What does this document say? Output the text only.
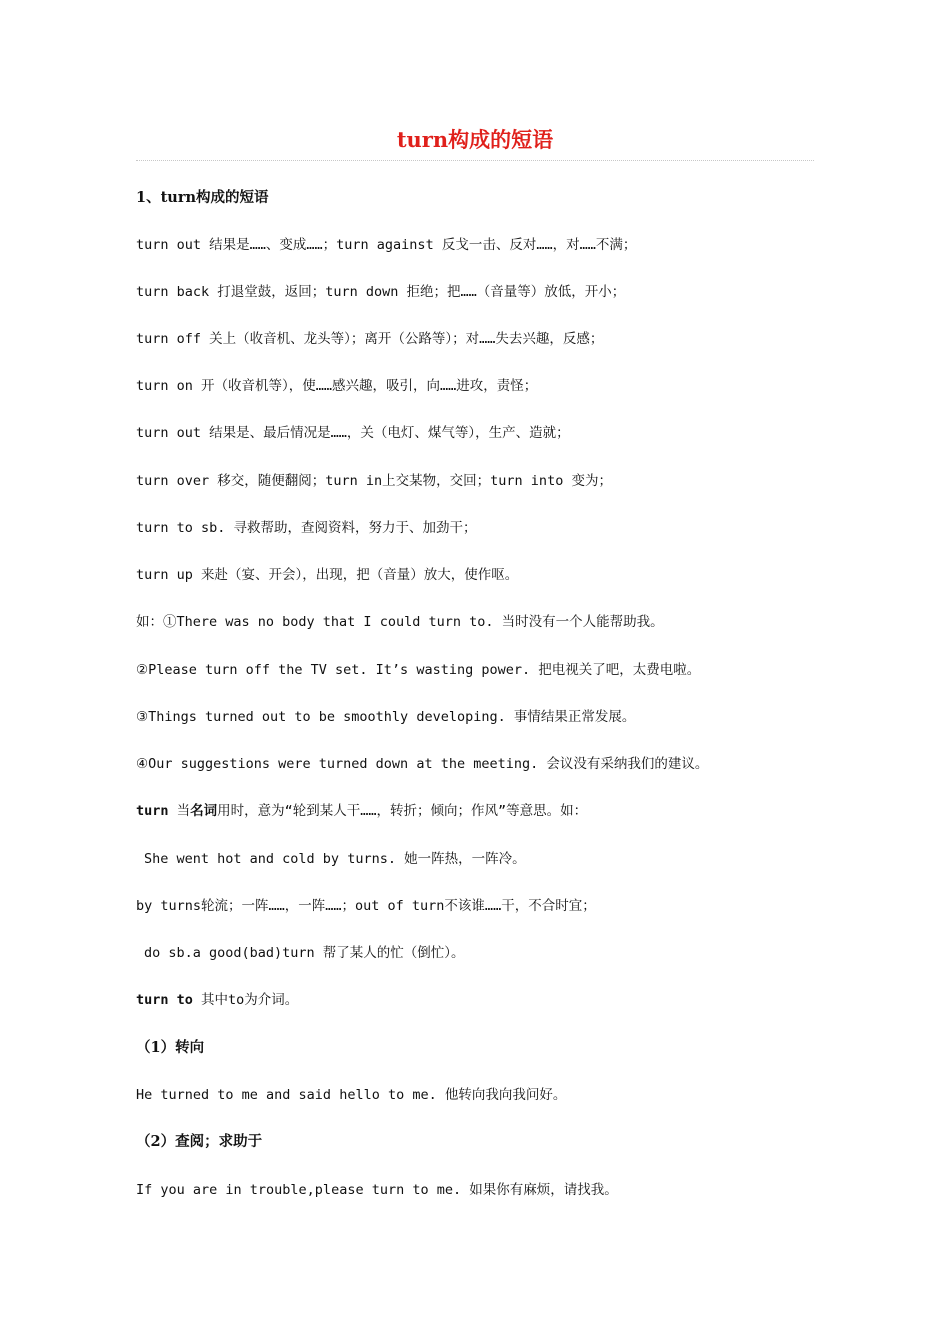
turn构成的短语
1、turn构成的短语
turn out 结果是……、变成……；turn against 反戈一击、反对……，对……不满；
turn back 打退堂鼓，返回；turn down 拒绝；把……（音量等）放低，开小；
turn off 关上（收音机、龙头等）；离开（公路等）；对……失去兴趣，反感；
turn on 开（收音机等），使……感兴趣，吸引，向……进攻，责怪；
turn out 结果是、最后情况是……，关（电灯、煤气等），生产、造就；
turn over 移交，随便翻阅；turn in上交某物，交回；turn into 变为；
turn to sb. 寻救帮助，查阅资料，努力于、加劲干；
turn up 来赴（宴、开会），出现，把（音量）放大，使作呕。
如：①There was no body that I could turn to. 当时没有一个人能帮助我。
②Please turn off the TV set. It’s wasting power. 把电视关了吧，太费电啦。
③Things turned out to be smoothly developing. 事情结果正常发展。
④Our suggestions were turned down at the meeting. 会议没有采纳我们的建议。
turn 当名词用时，意为“轮到某人干……，转折；倾向；作风”等意思。如：
She went hot and cold by turns. 她一阵热，一阵冷。
by turns轮流；一阵……，一阵……；out of turn不该谁……干，不合时宜；
do sb.a good(bad)turn 帮了某人的忙（倒忙）。
turn to 其中to为介词。
（1）转向
He turned to me and said hello to me. 他转向我向我问好。
（2）查阅；求助于
If you are in trouble,please turn to me. 如果你有麻烦，请找我。
